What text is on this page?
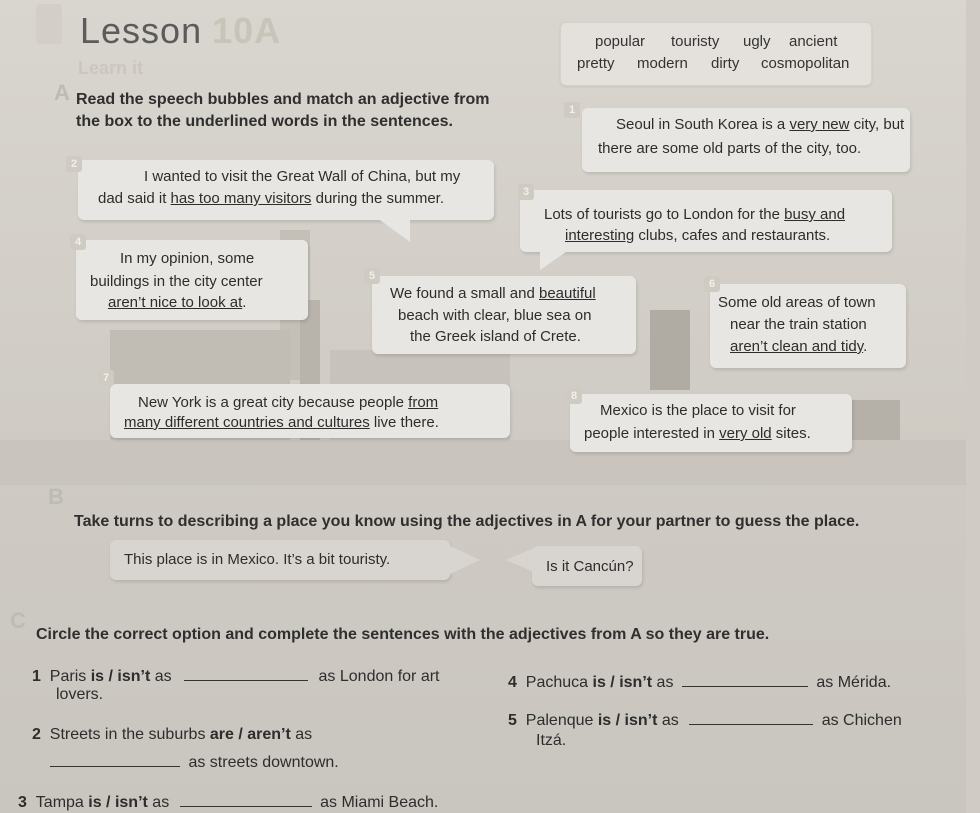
Lesson 10A
Learn it
popular touristy ugly ancient
pretty modern dirty cosmopolitan
A Read the speech bubbles and match an adjective from
the box to the underlined words in the sentences.
1
Seoul in South Korea is a very new city, but
there are some old parts of the city, too.
2
I wanted to visit the Great Wall of China, but my
dad said it has too many visitors during the summer.	3
Lots of tourists go to London for the busy and
interesting clubs, cafes and restaurants.
4
In my opinion, some
buildings in the city center
aren’t nice to look at.
5
We found a small and beautiful
beach with clear, blue sea on
the Greek island of Crete.
6
Some old areas of town
near the train station
aren’t clean and tidy.
7
New York is a great city because people from
many different countries and cultures live there.
8
Mexico is the place to visit for
people interested in very old sites.
B
Take turns to describing a place you know using the adjectives in A for your partner to guess the place.
This place is in Mexico. It’s a bit touristy.	Is it Cancún?
C
Circle the correct option and complete the sentences with the adjectives from A so they are true.
1 Paris is / isn’t as	as London for art
lovers.
2 Streets in the suburbs are / aren’t as
as streets downtown.
3 Tampa is / isn’t as	as Miami Beach.
4 Pachuca is / isn’t as	as Mérida.
5 Palenque is / isn’t as	as Chichen
Itzá.
